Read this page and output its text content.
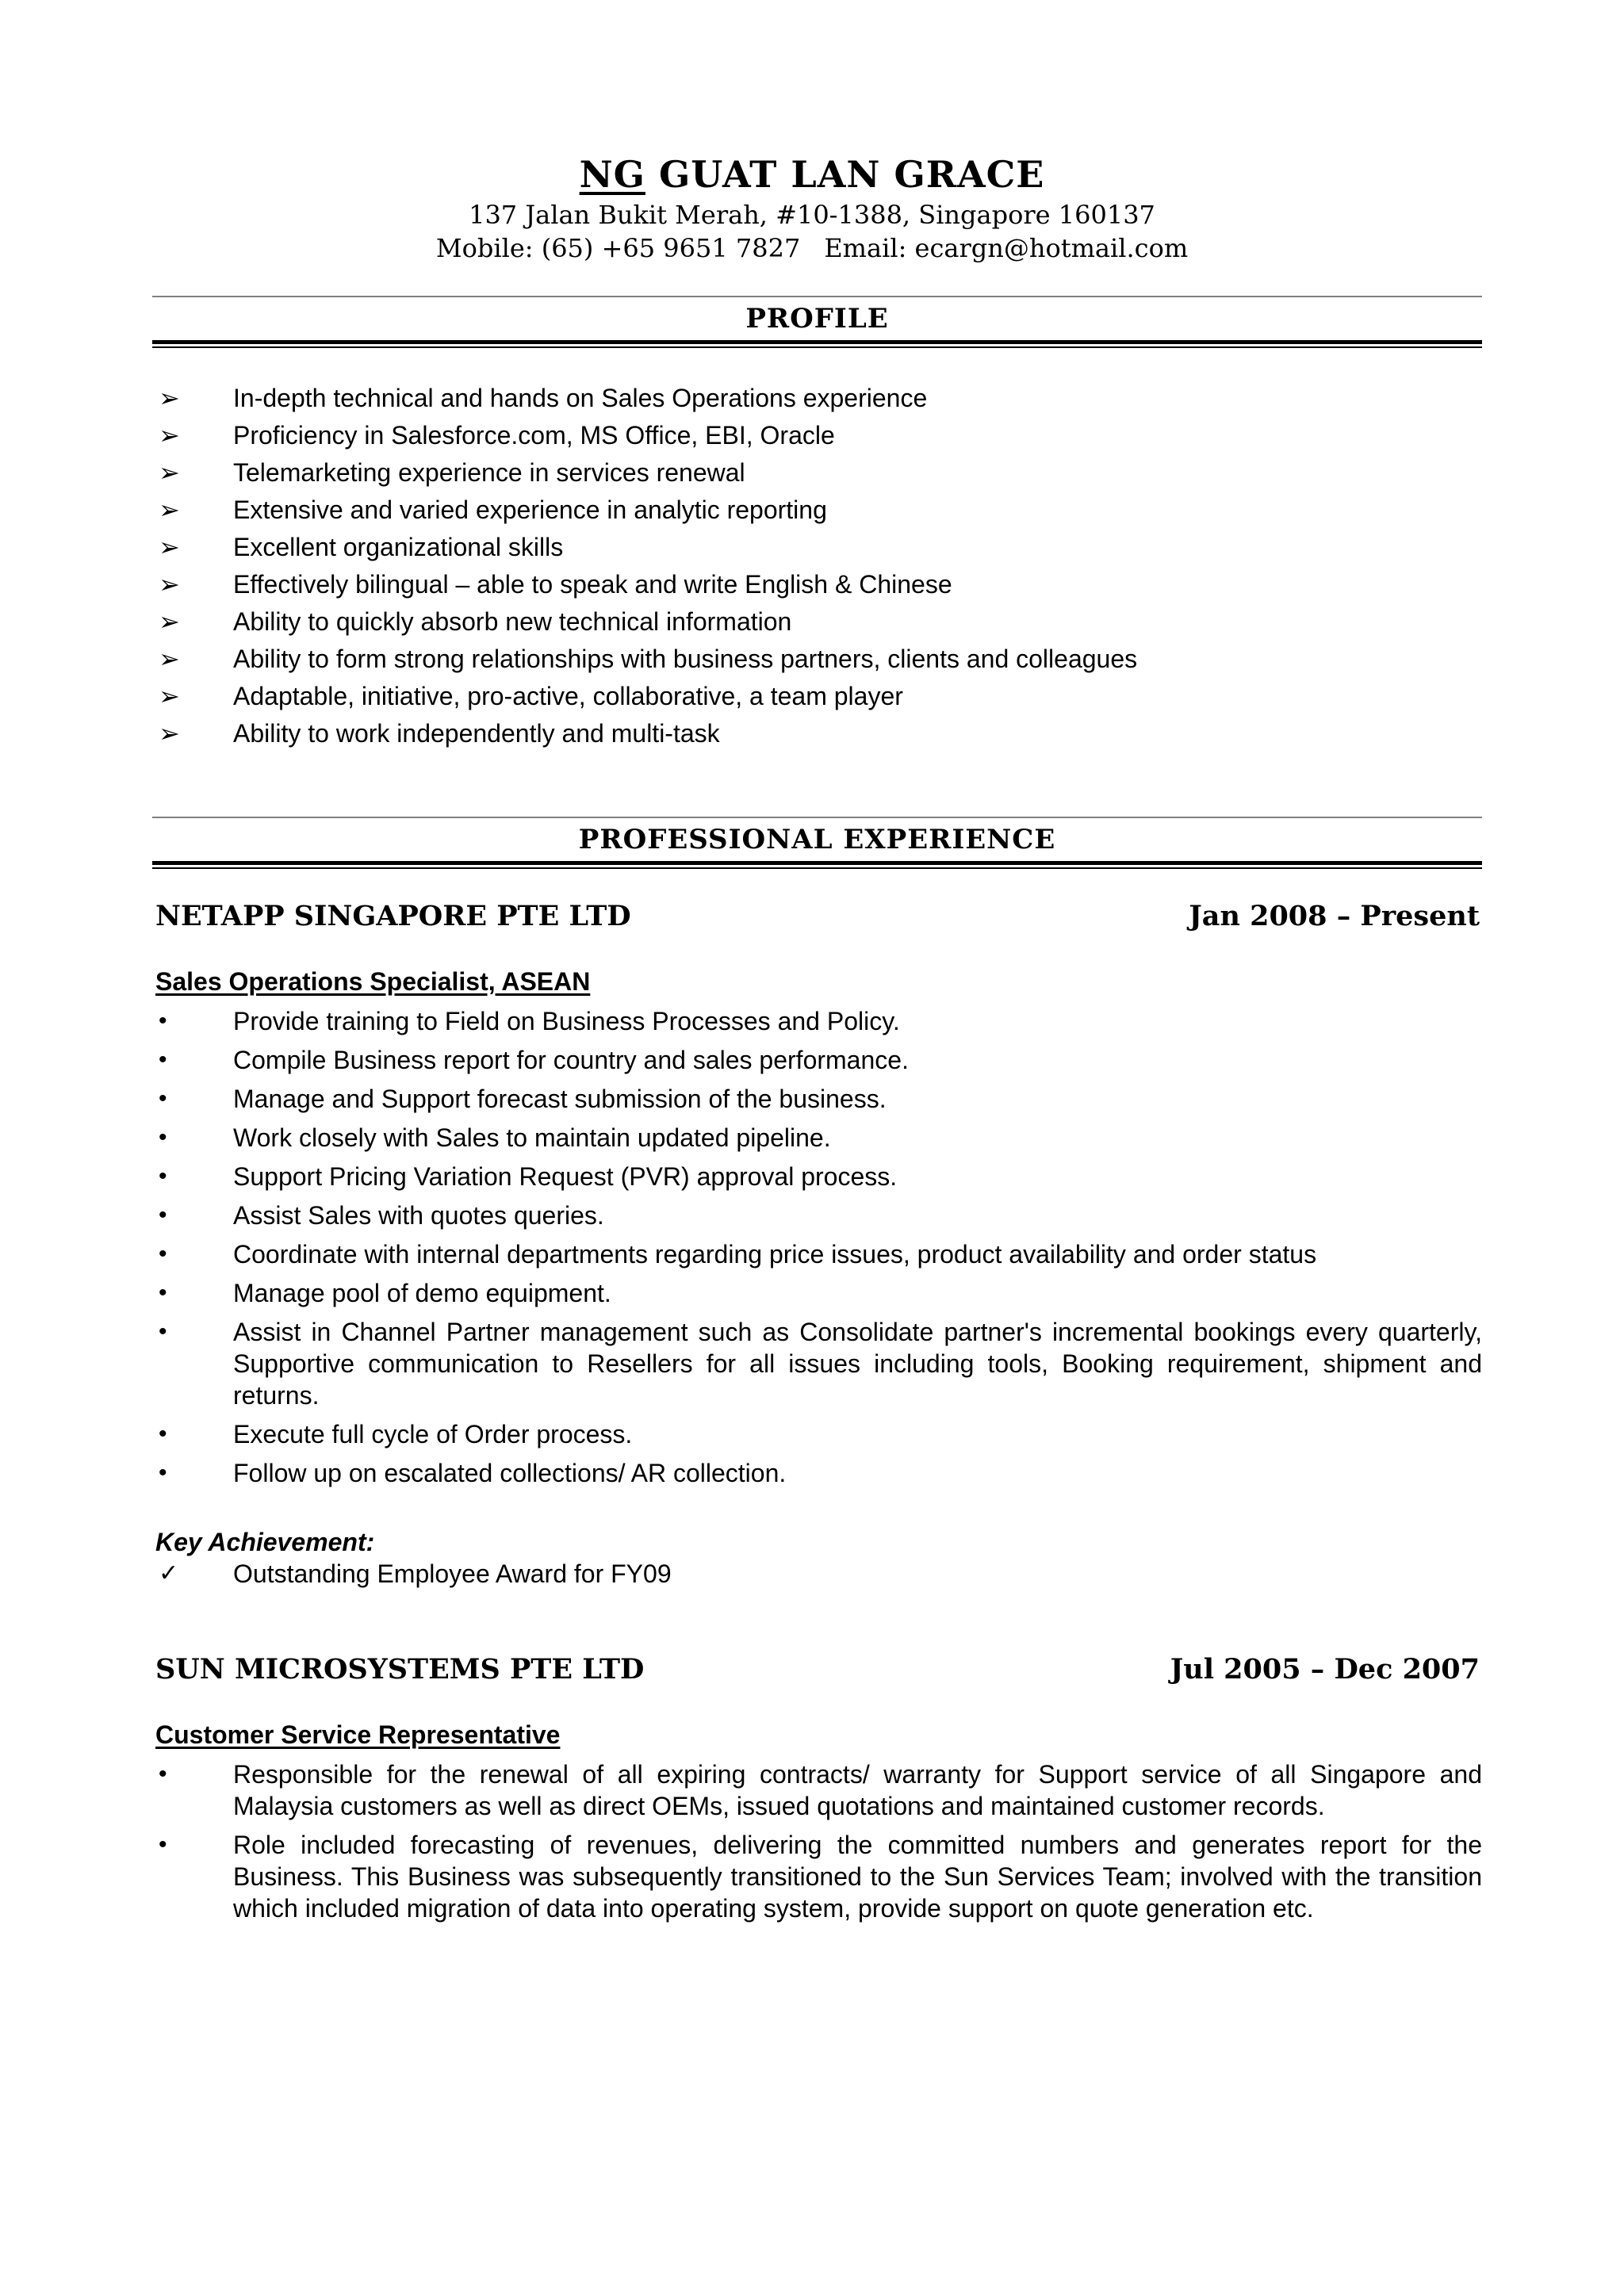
NG GUAT LAN GRACE
137 Jalan Bukit Merah, #10-1388, Singapore 160137
Mobile: (65) +65 9651 7827 Email: ecargn@hotmail.com
PROFILE
➢	In-depth technical and hands on Sales Operations experience
➢	Proficiency in Salesforce.com, MS Office, EBI, Oracle
➢	Telemarketing experience in services renewal
➢	Extensive and varied experience in analytic reporting
➢	Excellent organizational skills
➢	Effectively bilingual – able to speak and write English & Chinese
➢	Ability to quickly absorb new technical information
➢	Ability to form strong relationships with business partners, clients and colleagues
➢	Adaptable, initiative, pro-active, collaborative, a team player
➢	Ability to work independently and multi-task
PROFESSIONAL EXPERIENCE
NETAPP SINGAPORE PTE LTD	Jan 2008 – Present
Sales Operations Specialist, ASEAN
•	Provide training to Field on Business Processes and Policy.
•	Compile Business report for country and sales performance.
•	Manage and Support forecast submission of the business.
•	Work closely with Sales to maintain updated pipeline.
•	Support Pricing Variation Request (PVR) approval process.
•	Assist Sales with quotes queries.
•	Coordinate with internal departments regarding price issues, product availability and order status
•	Manage pool of demo equipment.
•	Assist in Channel Partner management such as Consolidate partner's incremental bookings every quarterly, Supportive communication to Resellers for all issues including tools, Booking requirement, shipment and returns.
•	Execute full cycle of Order process.
•	Follow up on escalated collections/ AR collection.
Key Achievement:
✓	Outstanding Employee Award for FY09
SUN MICROSYSTEMS PTE LTD	Jul 2005 – Dec 2007
Customer Service Representative
•	Responsible for the renewal of all expiring contracts/ warranty for Support service of all Singapore and Malaysia customers as well as direct OEMs, issued quotations and maintained customer records.
•	Role included forecasting of revenues, delivering the committed numbers and generates report for the Business. This Business was subsequently transitioned to the Sun Services Team; involved with the transition which included migration of data into operating system, provide support on quote generation etc.
